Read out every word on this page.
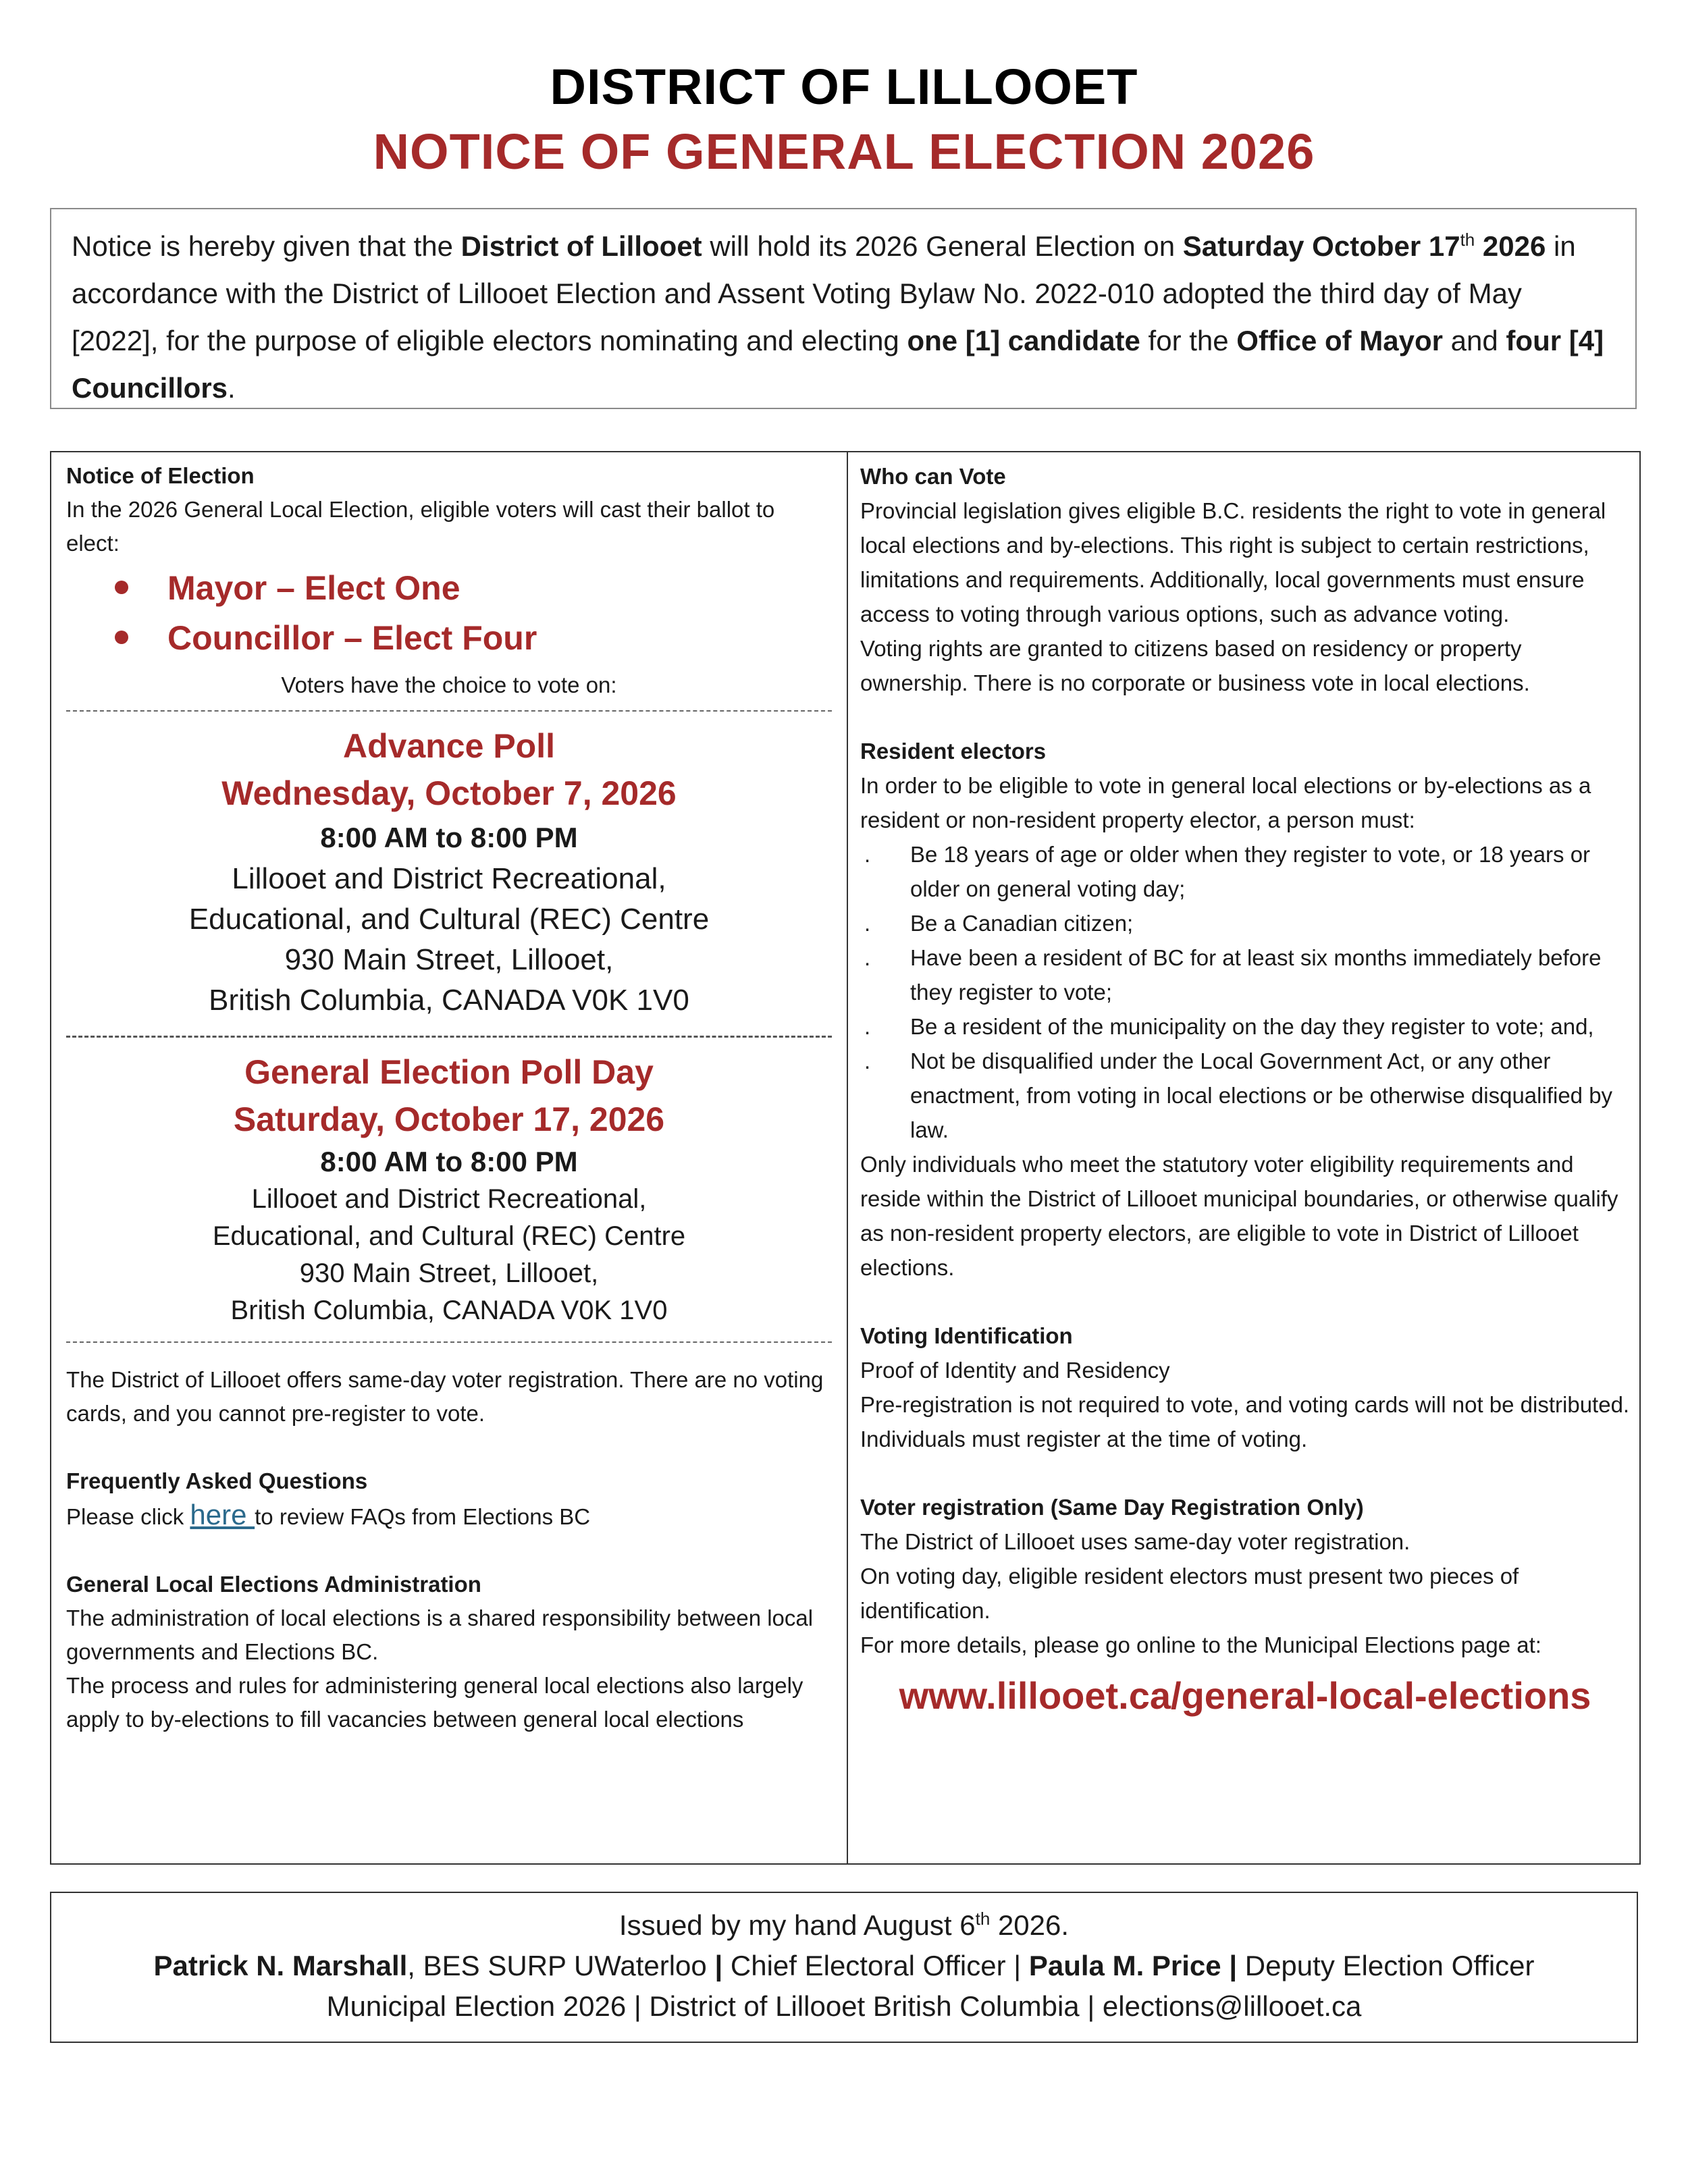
DISTRICT OF LILLOOET
NOTICE OF GENERAL ELECTION 2026
Notice is hereby given that the District of Lillooet will hold its 2026 General Election on Saturday October 17th 2026 in accordance with the District of Lillooet Election and Assent Voting Bylaw No. 2022-010 adopted the third day of May [2022], for the purpose of eligible electors nominating and electing one [1] candidate for the Office of Mayor and four [4] Councillors.
Notice of Election
In the 2026 General Local Election, eligible voters will cast their ballot to elect:
Mayor – Elect One
Councillor – Elect Four
Voters have the choice to vote on:
Advance Poll
Wednesday, October 7, 2026
8:00 AM to 8:00 PM
Lillooet and District Recreational,
Educational, and Cultural (REC) Centre
930 Main Street, Lillooet,
British Columbia, CANADA V0K 1V0
General Election Poll Day
Saturday, October 17, 2026
8:00 AM to 8:00 PM
Lillooet and District Recreational,
Educational, and Cultural (REC) Centre
930 Main Street, Lillooet,
British Columbia, CANADA V0K 1V0
The District of Lillooet offers same-day voter registration. There are no voting cards, and you cannot pre-register to vote.
Frequently Asked Questions
Please click here to review FAQs from Elections BC
General Local Elections Administration
The administration of local elections is a shared responsibility between local governments and Elections BC.
The process and rules for administering general local elections also largely apply to by-elections to fill vacancies between general local elections
Who can Vote
Provincial legislation gives eligible B.C. residents the right to vote in general local elections and by-elections. This right is subject to certain restrictions, limitations and requirements. Additionally, local governments must ensure access to voting through various options, such as advance voting.
Voting rights are granted to citizens based on residency or property ownership. There is no corporate or business vote in local elections.
Resident electors
In order to be eligible to vote in general local elections or by-elections as a resident or non-resident property elector, a person must:
. Be 18 years of age or older when they register to vote, or 18 years or older on general voting day;
. Be a Canadian citizen;
. Have been a resident of BC for at least six months immediately before they register to vote;
. Be a resident of the municipality on the day they register to vote; and,
. Not be disqualified under the Local Government Act, or any other enactment, from voting in local elections or be otherwise disqualified by law.
Only individuals who meet the statutory voter eligibility requirements and reside within the District of Lillooet municipal boundaries, or otherwise qualify as non-resident property electors, are eligible to vote in District of Lillooet elections.
Voting Identification
Proof of Identity and Residency
Pre-registration is not required to vote, and voting cards will not be distributed. Individuals must register at the time of voting.
Voter registration (Same Day Registration Only)
The District of Lillooet uses same-day voter registration.
On voting day, eligible resident electors must present two pieces of identification.
For more details, please go online to the Municipal Elections page at:
www.lillooet.ca/general-local-elections
Issued by my hand August 6th 2026.
Patrick N. Marshall, BES SURP UWaterloo | Chief Electoral Officer | Paula M. Price | Deputy Election Officer
Municipal Election 2026 | District of Lillooet British Columbia | elections@lillooet.ca
